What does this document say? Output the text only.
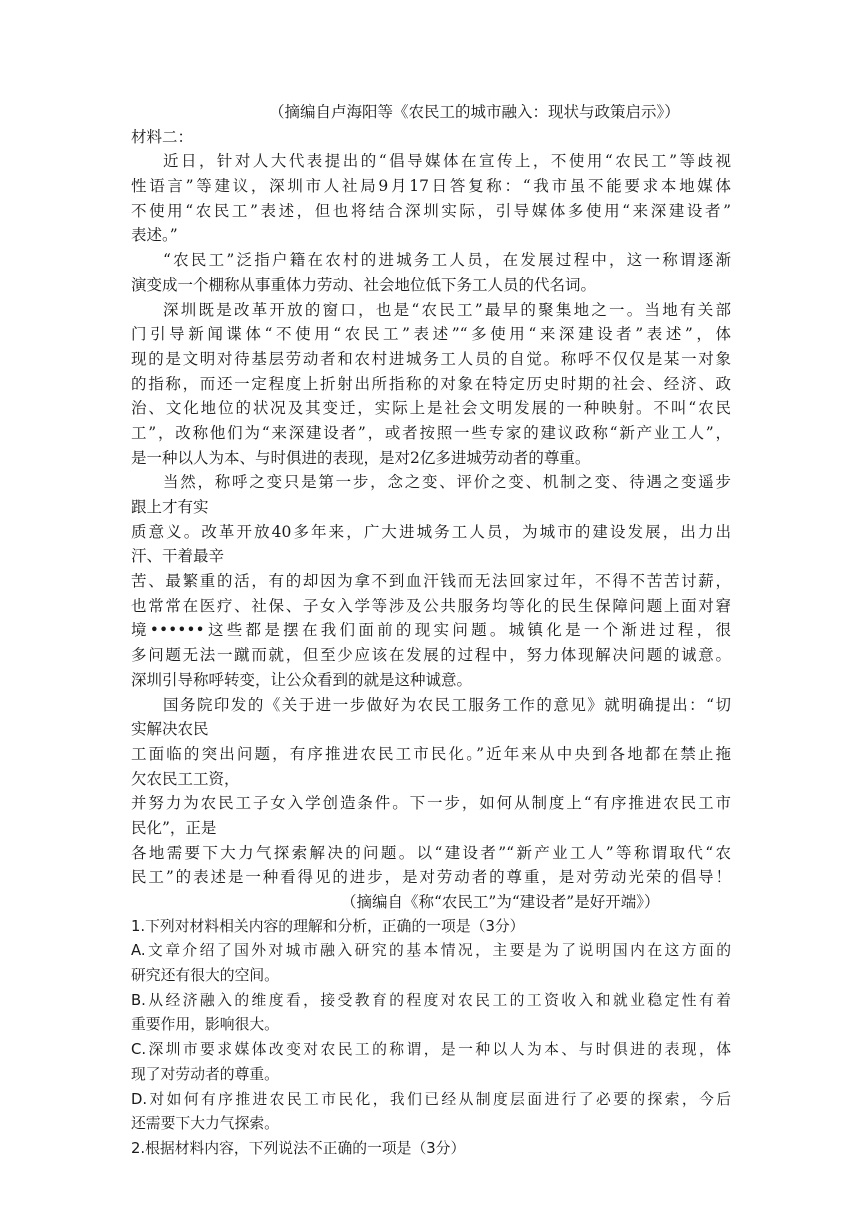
（摘编自卢海阳等《农民工的城市融入：现状与政策启示》）
材料二：
近日，针对人大代表提出的“倡导媒体在宣传上，不使用“农民工”等歧视
性语言”等建议，深圳市人社局9月17日答复称：“我市虽不能要求本地媒体
不使用“农民工”表述，但也将结合深圳实际，引导媒体多使用“来深建设者”
表述。”
“农民工”泛指户籍在农村的进城务工人员，在发展过程中，这一称谓逐渐
演变成一个棚称从事重体力劳动、社会地位低下务工人员的代名词。
深圳既是改革开放的窗口，也是“农民工”最早的聚集地之一。当地有关部
门引导新闻谍体“不使用“农民工”表述”“多使用“来深建设者”表述”，体
现的是文明对待基层劳动者和农村进城务工人员的自觉。称呼不仅仅是某一对象
的指称，而还一定程度上折射出所指称的对象在特定历史时期的社会、经济、政
治、文化地位的状况及其变迁，实际上是社会文明发展的一种映射。不叫“农民
工”，改称他们为“来深建设者”，或者按照一些专家的建议政称“新产业工人”，
是一种以人为本、与时俱进的表现，是对2亿多进城劳动者的尊重。
当然，称呼之变只是第一步，念之变、评价之变、机制之变、待遇之变遥步
跟上才有实
质意义。改革开放40多年来，广大进城务工人员，为城市的建设发展，出力出
汗、干着最辛
苦、最繁重的活，有的却因为拿不到血汗钱而无法回家过年，不得不苦苦讨薪，
也常常在医疗、社保、子女入学等涉及公共服务均等化的民生保障问题上面对窘
境••••••这些都是摆在我们面前的现实问题。城镇化是一个渐进过程，很
多问题无法一蹴而就，但至少应该在发展的过程中，努力体现解决问题的诚意。
深圳引导称呼转变，让公众看到的就是这种诚意。
国务院印发的《关于进一步做好为农民工服务工作的意见》就明确提出：“切
实解决农民
工面临的突出问题，有序推进农民工市民化。”近年来从中央到各地都在禁止拖
欠农民工工资，
并努力为农民工子女入学创造条件。下一步，如何从制度上“有序推进农民工市
民化”，正是
各地需要下大力气探索解决的问题。以“建设者”“新产业工人”等称谓取代“农
民工”的表述是一种看得见的进步，是对劳动者的尊重，是对劳动光荣的倡导！
（摘编自《称“农民工”为“建设者”是好开端》）
1.下列对材料相关内容的理解和分析，正确的一项是（3分）
A.文章介绍了国外对城市融入研究的基本情况，主要是为了说明国内在这方面的
研究还有很大的空间。
B.从经济融入的维度看，接受教育的程度对农民工的工资收入和就业稳定性有着
重要作用，影响很大。
C.深圳市要求媒体改变对农民工的称谓，是一种以人为本、与时俱进的表现，体
现了对劳动者的尊重。
D.对如何有序推进农民工市民化，我们已经从制度层面进行了必要的探索，今后
还需要下大力气探索。
2.根据材料内容，下列说法不正确的一项是（3分）
